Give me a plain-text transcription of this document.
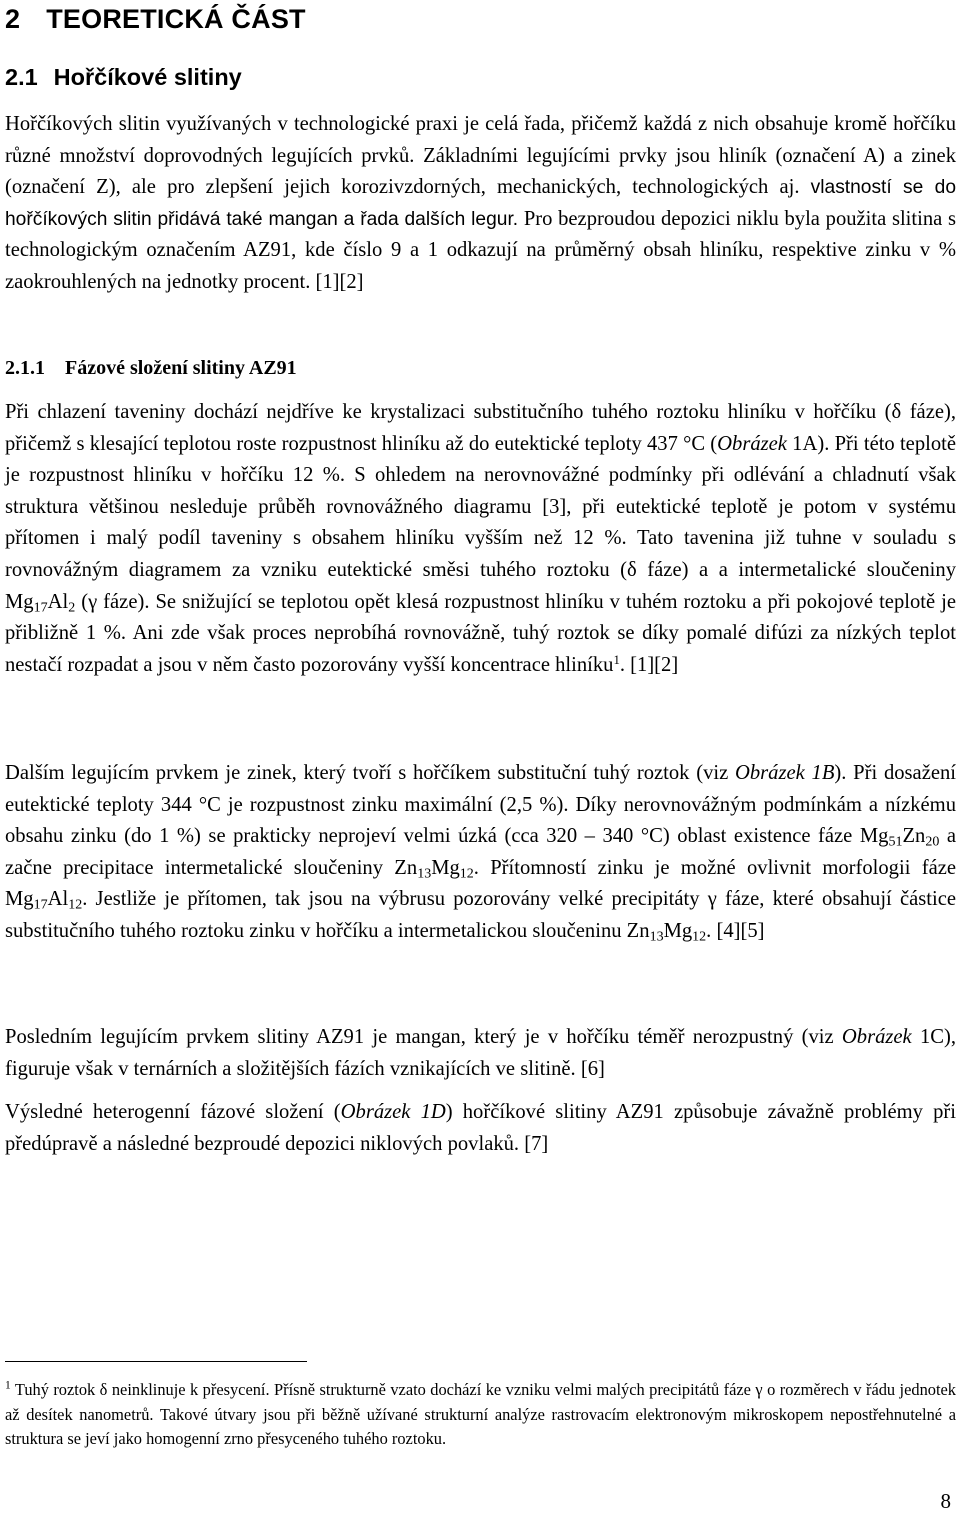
2 TEORETICKÁ ČÁST
2.1 Hořčíkové slitiny

Hořčíkových slitin využívaných v technologické praxi je celá řada, přičemž každá z nich obsahuje kromě hořčíku různé množství doprovodných legujících prvků. Základními legujícími prvky jsou hliník (označení A) a zinek (označení Z), ale pro zlepšení jejich korozivzdorných, mechanických, technologických aj. vlastností se do hořčíkových slitin přidává také mangan a řada dalších legur. Pro bezproudou depozici niklu byla použita slitina s technologickým označením AZ91, kde číslo 9 a 1 odkazují na průměrný obsah hliníku, respektive zinku v % zaokrouhlených na jednotky procent. [1][2]

2.1.1 Fázové složení slitiny AZ91

Při chlazení taveniny dochází nejdříve ke krystalizaci substitučního tuhého roztoku hliníku v hořčíku (δ fáze), přičemž s klesající teplotou roste rozpustnost hliníku až do eutektické teploty 437 °C (Obrázek 1A). Při této teplotě je rozpustnost hliníku v hořčíku 12 %. S ohledem na nerovnovážné podmínky při odlévání a chladnutí však struktura většinou nesleduje průběh rovnovážného diagramu [3], při eutektické teplotě je potom v systému přítomen i malý podíl taveniny s obsahem hliníku vyšším než 12 %. Tato tavenina již tuhne v souladu s rovnovážným diagramem za vzniku eutektické směsi tuhého roztoku (δ fáze) a a intermetalické sloučeniny $Mg_{17}Al_2$ (γ fáze). Se snižující se teplotou opět klesá rozpustnost hliníku v tuhém roztoku a při pokojové teplotě je přibližně 1 %. Ani zde však proces neprobíhá rovnovážně, tuhý roztok se díky pomalé difúzi za nízkých teplot nestačí rozpadat a jsou v něm často pozorovány vyšší koncentrace hliníku$^1$. [1][2]

Dalším legujícím prvkem je zinek, který tvoří s hořčíkem substituční tuhý roztok (viz Obrázek 1B). Při dosažení eutektické teploty 344 °C je rozpustnost zinku maximální (2,5 %). Díky nerovnovážným podmínkám a nízkému obsahu zinku (do 1 %) se prakticky neprojeví velmi úzká (cca 320 – 340 °C) oblast existence fáze $Mg_{51}Zn_{20}$ a začne precipitace intermetalické sloučeniny $Zn_{13}Mg_{12}$. Přítomností zinku je možné ovlivnit morfologii fáze $Mg_{17}Al_{12}$. Jestliže je přítomen, tak jsou na výbrusu pozorovány velké precipitáty γ fáze, které obsahují částice substitučního tuhého roztoku zinku v hořčíku a intermetalickou sloučeninu $Zn_{13}Mg_{12}$. [4][5]

Posledním legujícím prvkem slitiny AZ91 je mangan, který je v hořčíku téměř nerozpustný (viz Obrázek 1C), figuruje však v ternárních a složitějších fázích vznikajících ve slitině. [6]

Výsledné heterogenní fázové složení (Obrázek 1D) hořčíkové slitiny AZ91 způsobuje závažně problémy při předúpravě a následné bezproudé depozici niklových povlaků. [7]

$^1$ Tuhý roztok δ neinklinuje k přesycení. Přísně strukturně vzato dochází ke vzniku velmi malých precipitátů fáze γ o rozměrech v řádu jednotek až desítek nanometrů. Takové útvary jsou při běžně užívané strukturní analýze rastrovacím elektronovým mikroskopem nepostřehnutelné a struktura se jeví jako homogenní zrno přesyceného tuhého roztoku.
8
